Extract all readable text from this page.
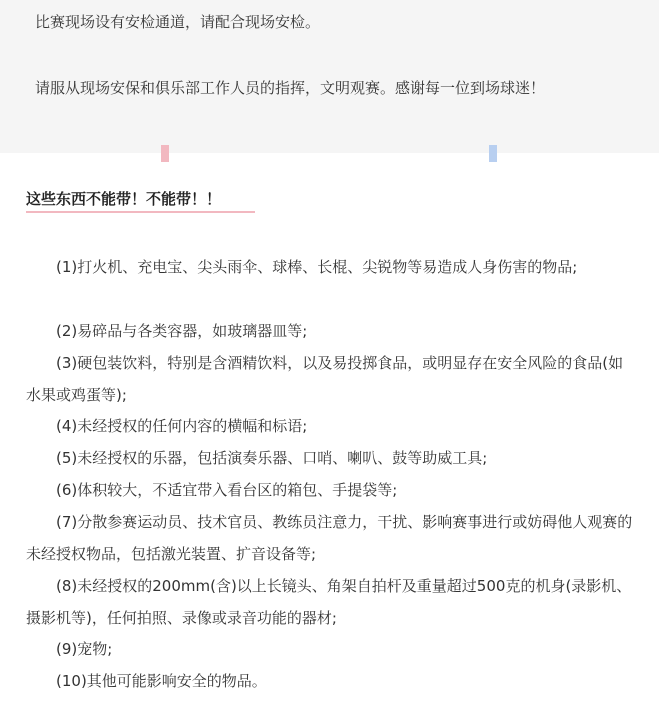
比赛现场设有安检通道，请配合现场安检。
请服从现场安保和俱乐部工作人员的指挥，文明观赛。感谢每一位到场球迷！
这些东西不能带！不能带！！
(1)打火机、充电宝、尖头雨伞、球棒、长棍、尖锐物等易造成人身伤害的物品;
(2)易碎品与各类容器，如玻璃器皿等;
(3)硬包装饮料，特别是含酒精饮料，以及易投掷食品，或明显存在安全风险的食品(如水果或鸡蛋等);
(4)未经授权的任何内容的横幅和标语;
(5)未经授权的乐器，包括演奏乐器、口哨、喇叭、鼓等助威工具;
(6)体积较大，不适宜带入看台区的箱包、手提袋等;
(7)分散参赛运动员、技术官员、教练员注意力，干扰、影响赛事进行或妨碍他人观赛的未经授权物品，包括激光装置、扩音设备等;
(8)未经授权的200mm(含)以上长镜头、角架自拍杆及重量超过500克的机身(录影机、摄影机等)，任何拍照、录像或录音功能的器材;
(9)宠物;
(10)其他可能影响安全的物品。
